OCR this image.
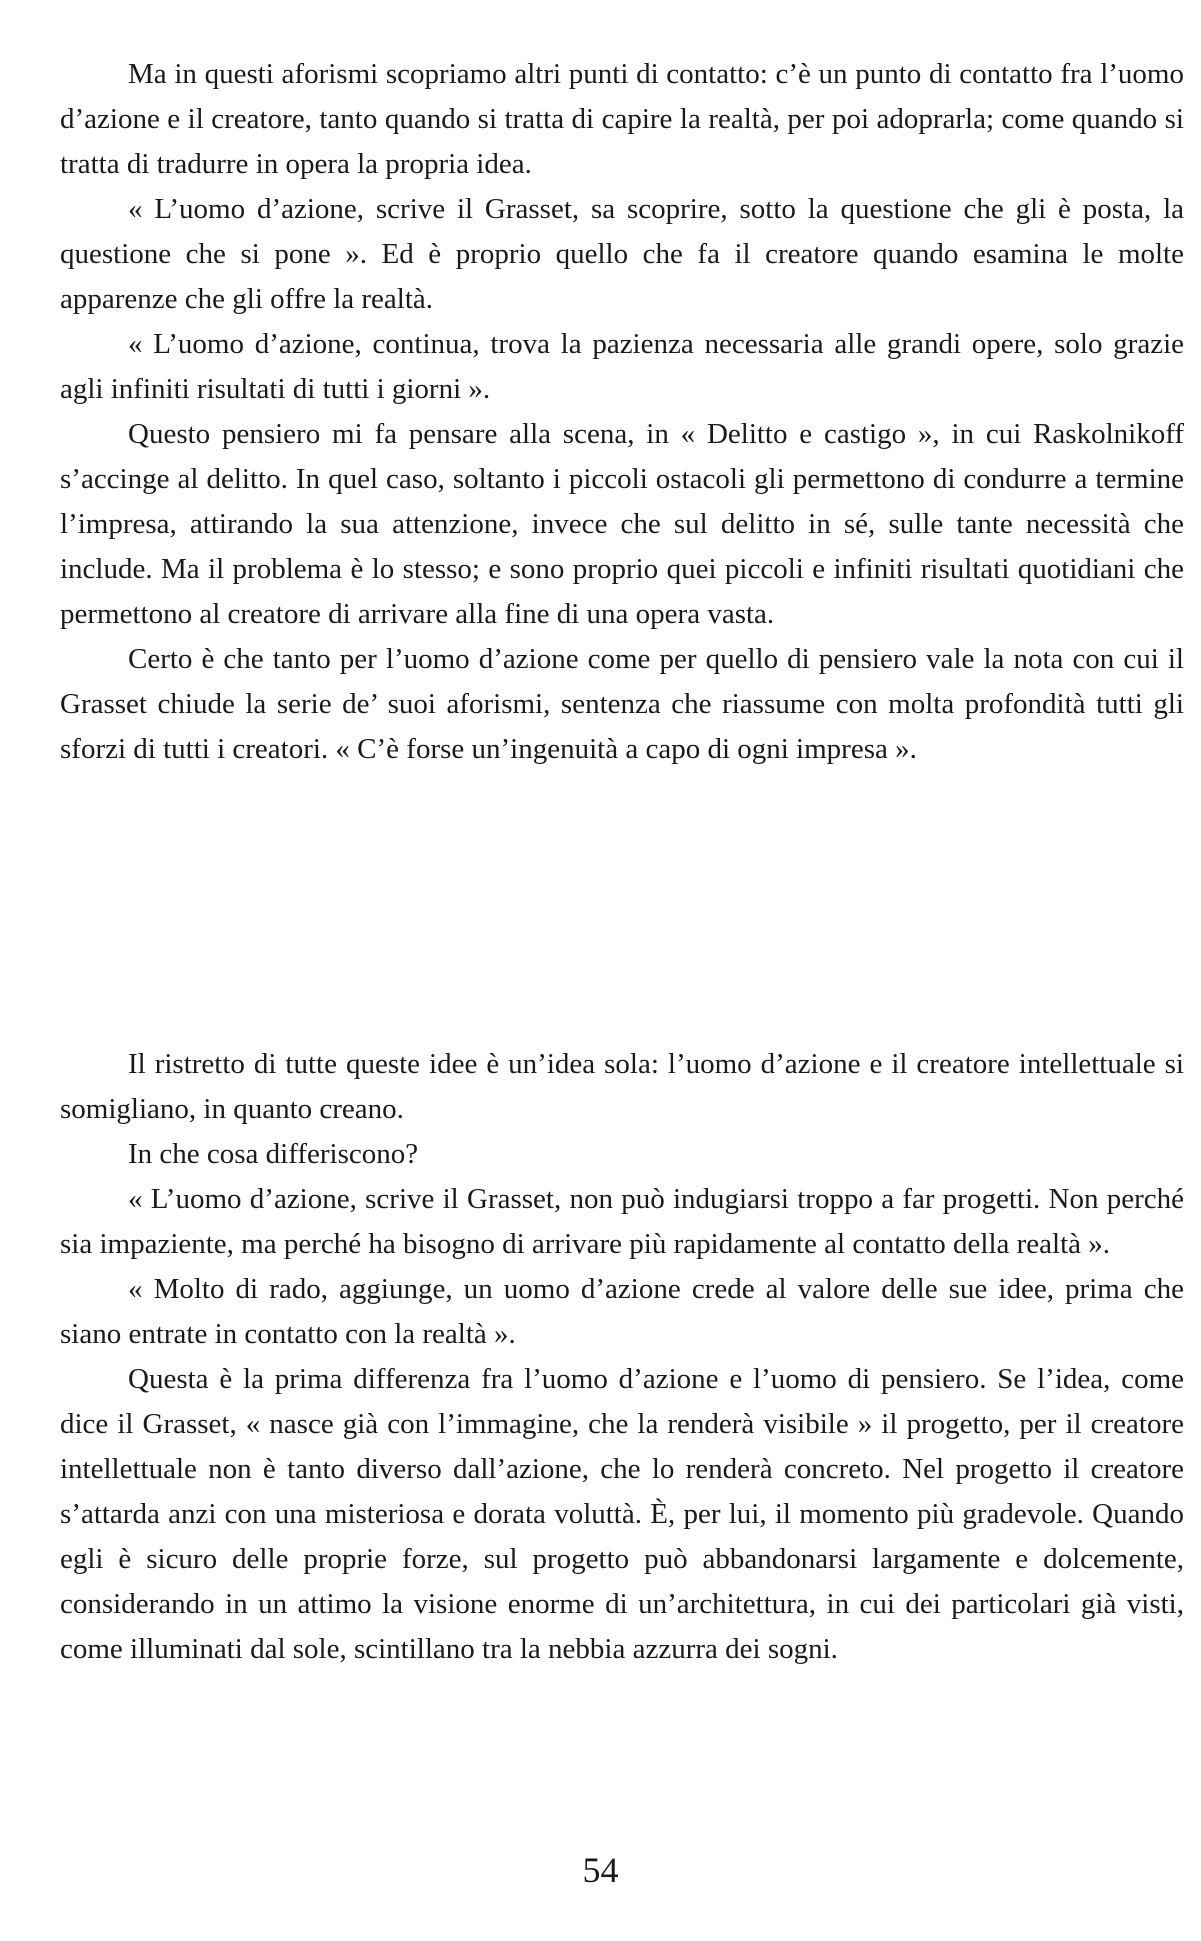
Ma in questi aforismi scopriamo altri punti di contatto: c’è un punto di contatto fra l’uomo d’azione e il creatore, tanto quando si tratta di capire la realtà, per poi adoprarla; come quando si tratta di tradurre in opera la propria idea.

« L’uomo d’azione, scrive il Grasset, sa scoprire, sotto la questione che gli è posta, la questione che si pone ». Ed è proprio quello che fa il creatore quando esamina le molte apparenze che gli offre la realtà.

« L’uomo d’azione, continua, trova la pazienza necessaria alle grandi opere, solo grazie agli infiniti risultati di tutti i giorni ».

Questo pensiero mi fa pensare alla scena, in « Delitto e castigo », in cui Raskolnikoff s’accinge al delitto. In quel caso, soltanto i piccoli ostacoli gli permettono di condurre a termine l’impresa, attirando la sua attenzione, invece che sul delitto in sé, sulle tante necessità che include. Ma il problema è lo stesso; e sono proprio quei piccoli e infiniti risultati quotidiani che permettono al creatore di arrivare alla fine di una opera vasta.

Certo è che tanto per l’uomo d’azione come per quello di pensiero vale la nota con cui il Grasset chiude la serie de’ suoi aforismi, sentenza che riassume con molta profondità tutti gli sforzi di tutti i creatori. « C’è forse un’ingenuità a capo di ogni impresa ».

Il ristretto di tutte queste idee è un’idea sola: l’uomo d’azione e il creatore intellettuale si somigliano, in quanto creano.

In che cosa differiscono?

« L’uomo d’azione, scrive il Grasset, non può indugiarsi troppo a far progetti. Non perché sia impaziente, ma perché ha bisogno di arrivare più rapidamente al contatto della realtà ».

« Molto di rado, aggiunge, un uomo d’azione crede al valore delle sue idee, prima che siano entrate in contatto con la realtà ».

Questa è la prima differenza fra l’uomo d’azione e l’uomo di pensiero. Se l’idea, come dice il Grasset, « nasce già con l’immagine, che la renderà visibile » il progetto, per il creatore intellettuale non è tanto diverso dall’azione, che lo renderà concreto. Nel progetto il creatore s’attarda anzi con una misteriosa e dorata voluttà. È, per lui, il momento più gradevole. Quando egli è sicuro delle proprie forze, sul progetto può abbandonarsi largamente e dolcemente, considerando in un attimo la visione enorme di un’architettura, in cui dei particolari già visti, come illuminati dal sole, scintillano tra la nebbia azzurra dei sogni.

54
